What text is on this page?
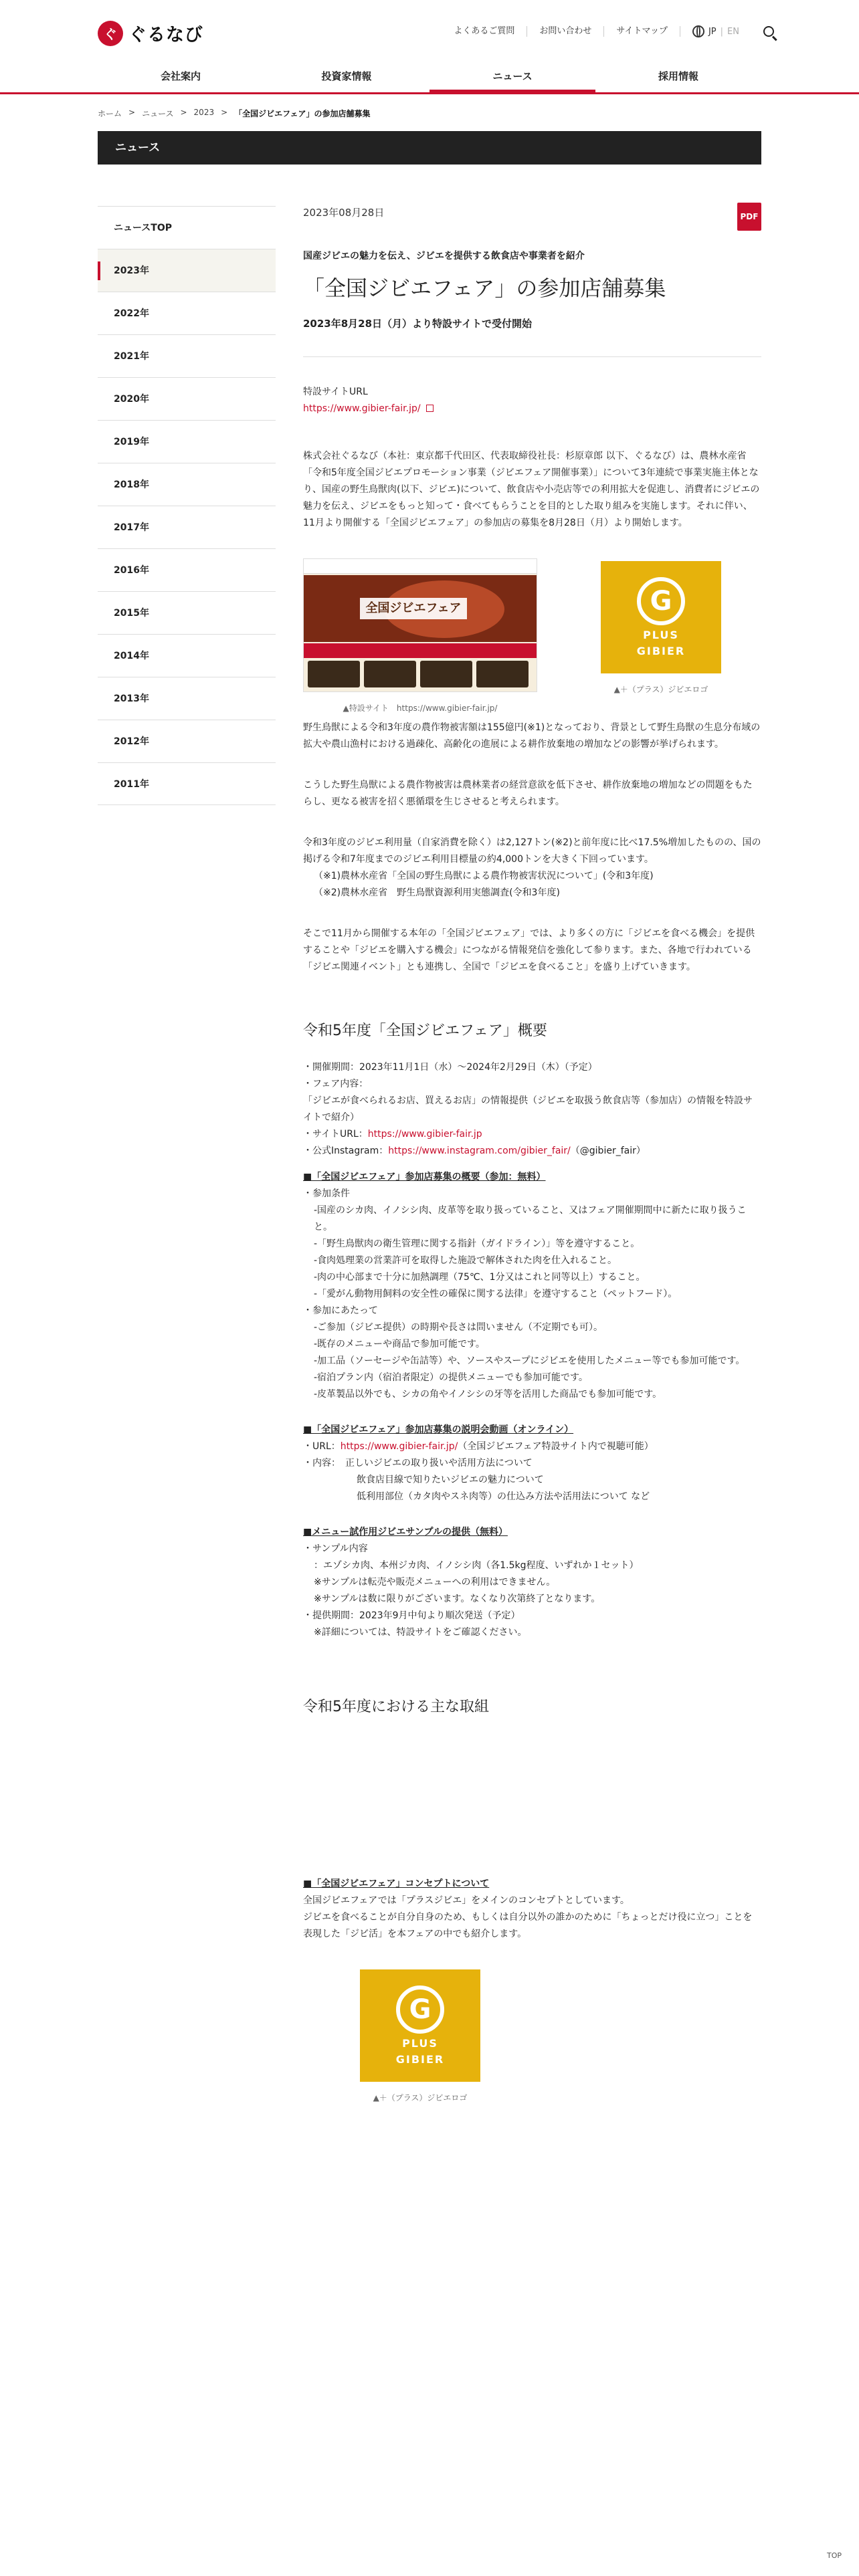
ぐ ぐるなび	よくあるご質問	お問い合わせ	サイトマップ	JP | EN
会社案内	投資家情報	ニュース	採用情報
ホーム > ニュース > 2023 > 「全国ジビエフェア」の参加店舗募集
ニュース
ニュースTOP
2023年
2022年
2021年
2020年
2019年
2018年
2017年
2016年
2015年
2014年
2013年
2012年
2011年
2023年08月28日	PDF
国産ジビエの魅力を伝え、ジビエを提供する飲食店や事業者を紹介
「全国ジビエフェア」の参加店舗募集
2023年8月28日（月）より特設サイトで受付開始
特設サイトURL
https://www.gibier-fair.jp/
株式会社ぐるなび（本社：東京都千代田区、代表取締役社長：杉原章郎 以下、ぐるなび）は、農林水産省「令和5年度全国ジビエプロモーション事業（ジビエフェア開催事業）」について3年連続で事業実施主体となり、国産の野生鳥獣肉(以下、ジビエ)について、飲食店や小売店等での利用拡大を促進し、消費者にジビエの魅力を伝え、ジビエをもっと知って・食べてもらうことを目的とした取り組みを実施します。それに伴い、11月より開催する「全国ジビエフェア」の参加店の募集を8月28日（月）より開始します。
全国ジビエフェア
▲特設サイト　https://www.gibier-fair.jp/
G
PLUS
GIBIER
▲＋（プラス）ジビエロゴ
野生鳥獣による令和3年度の農作物被害額は155億円(※1)となっており、背景として野生鳥獣の生息分布域の拡大や農山漁村における過疎化、高齢化の進展による耕作放棄地の増加などの影響が挙げられます。
こうした野生鳥獣による農作物被害は農林業者の経営意欲を低下させ、耕作放棄地の増加などの問題をもたらし、更なる被害を招く悪循環を生じさせると考えられます。
令和3年度のジビエ利用量（自家消費を除く）は2,127トン(※2)と前年度に比べ17.5%増加したものの、国の掲げる令和7年度までのジビエ利用目標量の約4,000トンを大きく下回っています。
（※1)農林水産省「全国の野生鳥獣による農作物被害状況について」(令和3年度)
（※2)農林水産省　野生鳥獣資源利用実態調査(令和3年度)
そこで11月から開催する本年の「全国ジビエフェア」では、より多くの方に「ジビエを食べる機会」を提供することや「ジビエを購入する機会」につながる情報発信を強化して参ります。また、各地で行われている「ジビエ関連イベント」とも連携し、全国で「ジビエを食べること」を盛り上げていきます。
令和5年度「全国ジビエフェア」概要
・開催期間：2023年11月1日（水）～2024年2月29日（木）（予定）
・フェア内容：
「ジビエが食べられるお店、買えるお店」の情報提供（ジビエを取扱う飲食店等（参加店）の情報を特設サイトで紹介）
・サイトURL：https://www.gibier-fair.jp
・公式Instagram：https://www.instagram.com/gibier_fair/（@gibier_fair）
■「全国ジビエフェア」参加店募集の概要（参加：無料）
・参加条件
-国産のシカ肉、イノシシ肉、皮革等を取り扱っていること、又はフェア開催期間中に新たに取り扱うこと。
-「野生鳥獣肉の衛生管理に関する指針（ガイドライン）」等を遵守すること。
-食肉処理業の営業許可を取得した施設で解体された肉を仕入れること。
-肉の中心部まで十分に加熱調理（75℃、1分又はこれと同等以上）すること。
-「愛がん動物用飼料の安全性の確保に関する法律」を遵守すること（ペットフード）。
・参加にあたって
-ご参加（ジビエ提供）の時期や長さは問いません（不定期でも可）。
-既存のメニューや商品で参加可能です。
-加工品（ソーセージや缶詰等）や、ソースやスープにジビエを使用したメニュー等でも参加可能です。
-宿泊プラン内（宿泊者限定）の提供メニューでも参加可能です。
-皮革製品以外でも、シカの角やイノシシの牙等を活用した商品でも参加可能です。
■「全国ジビエフェア」参加店募集の説明会動画（オンライン）
・URL：https://www.gibier-fair.jp/（全国ジビエフェア特設サイト内で視聴可能）
・内容：　正しいジビエの取り扱いや活用方法について
飲食店目線で知りたいジビエの魅力について
低利用部位（カタ肉やスネ肉等）の仕込み方法や活用法について など
■メニュー試作用ジビエサンプルの提供（無料）
・サンプル内容
：エゾシカ肉、本州ジカ肉、イノシシ肉（各1.5kg程度、いずれか１セット）
※サンプルは転売や販売メニューへの利用はできません。
※サンプルは数に限りがございます。なくなり次第終了となります。
・提供期間：2023年9月中旬より順次発送（予定）
※詳細については、特設サイトをご確認ください。
令和5年度における主な取組
■「全国ジビエフェア」コンセプトについて
全国ジビエフェアでは「プラスジビエ」をメインのコンセプトとしています。
ジビエを食べることが自分自身のため、もしくは自分以外の誰かのために「ちょっとだけ役に立つ」ことを表現した「ジビ活」を本フェアの中でも紹介します。
G
PLUS
GIBIER
▲＋（プラス）ジビエロゴ
TOP
